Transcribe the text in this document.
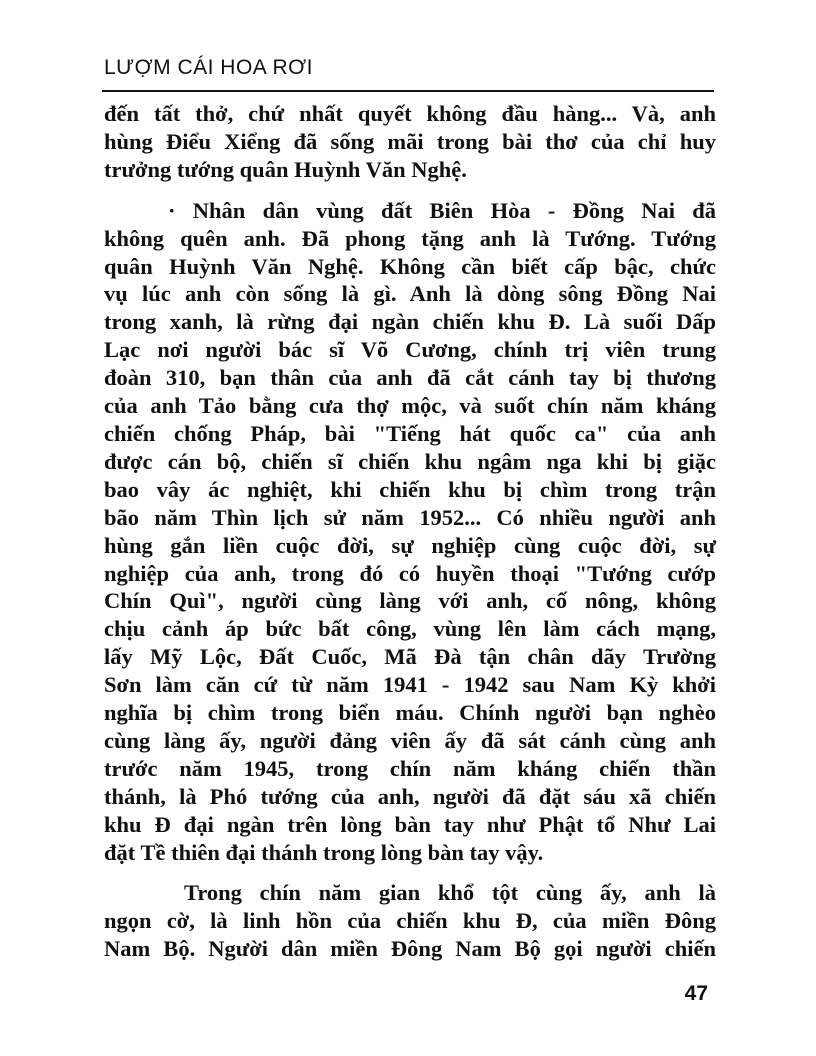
LƯỢM CÁI HOA RƠI
đến tất thở, chứ nhất quyết không đầu hàng... Và, anh
hùng Điểu Xiểng đã sống mãi trong bài thơ của chỉ huy
trưởng tướng quân Huỳnh Văn Nghệ.
· Nhân dân vùng đất Biên Hòa - Đồng Nai đã
không quên anh. Đã phong tặng anh là Tướng. Tướng
quân Huỳnh Văn Nghệ. Không cần biết cấp bậc, chức
vụ lúc anh còn sống là gì. Anh là dòng sông Đồng Nai
trong xanh, là rừng đại ngàn chiến khu Đ. Là suối Dấp
Lạc nơi người bác sĩ Võ Cương, chính trị viên trung
đoàn 310, bạn thân của anh đã cắt cánh tay bị thương
của anh Tảo bằng cưa thợ mộc, và suốt chín năm kháng
chiến chống Pháp, bài "Tiếng hát quốc ca" của anh
được cán bộ, chiến sĩ chiến khu ngâm nga khi bị giặc
bao vây ác nghiệt, khi chiến khu bị chìm trong trận
bão năm Thìn lịch sử năm 1952... Có nhiều người anh
hùng gắn liền cuộc đời, sự nghiệp cùng cuộc đời, sự
nghiệp của anh, trong đó có huyền thoại "Tướng cướp
Chín Quì", người cùng làng với anh, cố nông, không
chịu cảnh áp bức bất công, vùng lên làm cách mạng,
lấy Mỹ Lộc, Đất Cuốc, Mã Đà tận chân dãy Trường
Sơn làm căn cứ từ năm 1941 - 1942 sau Nam Kỳ khởi
nghĩa bị chìm trong biển máu. Chính người bạn nghèo
cùng làng ấy, người đảng viên ấy đã sát cánh cùng anh
trước năm 1945, trong chín năm kháng chiến thần
thánh, là Phó tướng của anh, người đã đặt sáu xã chiến
khu Đ đại ngàn trên lòng bàn tay như Phật tổ Như Lai
đặt Tề thiên đại thánh trong lòng bàn tay vậy.
Trong chín năm gian khổ tột cùng ấy, anh là
ngọn cờ, là linh hồn của chiến khu Đ, của miền Đông
Nam Bộ. Người dân miền Đông Nam Bộ gọi người chiến
47
